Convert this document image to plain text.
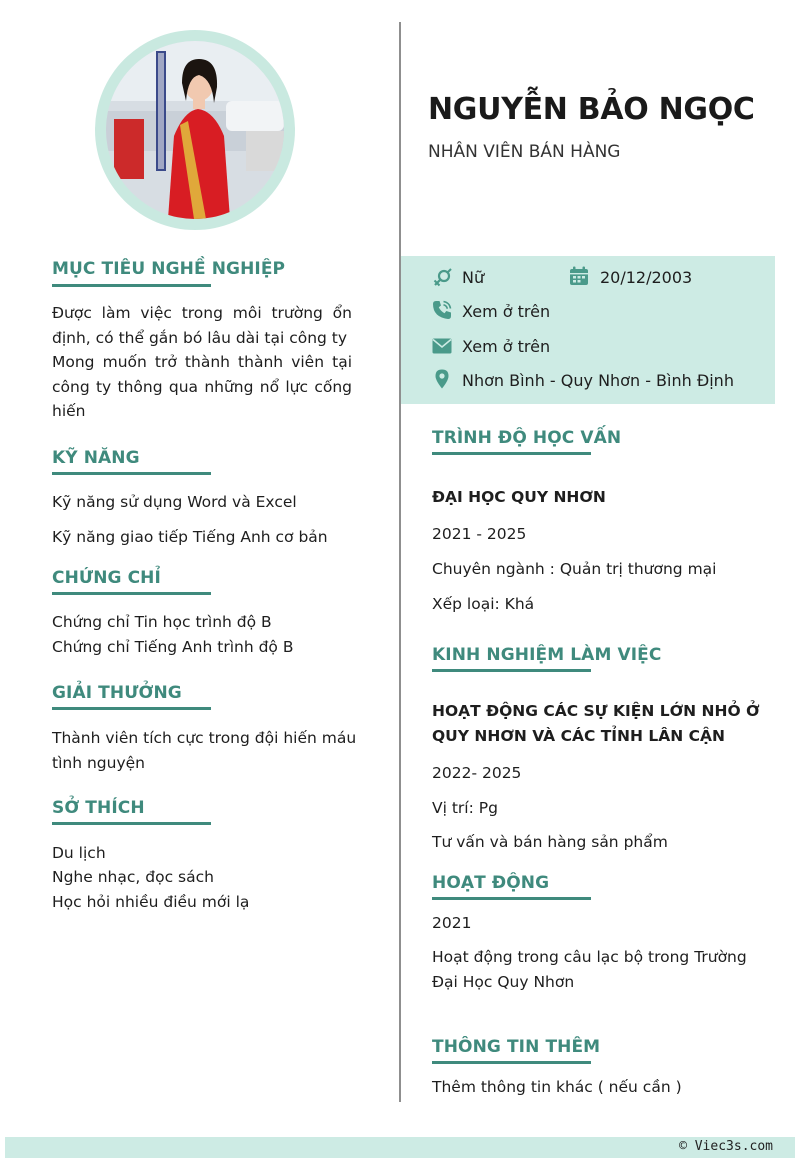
NGUYỄN BẢO NGỌC
NHÂN VIÊN BÁN HÀNG
Nữ	20/12/2003
Xem ở trên
Xem ở trên
Nhơn Bình - Quy Nhơn - Bình Định
MỤC TIÊU NGHỀ NGHIỆP
Được làm việc trong môi trường ổn định, có thể gắn bó lâu dài tại công ty
Mong muốn trở thành thành viên tại công ty thông qua những nổ lực cống hiến
KỸ NĂNG
Kỹ năng sử dụng Word và Excel
Kỹ năng giao tiếp Tiếng Anh cơ bản
CHỨNG CHỈ
Chứng chỉ Tin học trình độ B
Chứng chỉ Tiếng Anh trình độ B
GIẢI THƯỞNG
Thành viên tích cực trong đội hiến máu tình nguyện
SỞ THÍCH
Du lịch
Nghe nhạc, đọc sách
Học hỏi nhiều điều mới lạ
TRÌNH ĐỘ HỌC VẤN
ĐẠI HỌC QUY NHƠN
2021 - 2025
Chuyên ngành : Quản trị thương mại
Xếp loại: Khá
KINH NGHIỆM LÀM VIỆC
HOẠT ĐỘNG CÁC SỰ KIỆN LỚN NHỎ Ở
QUY NHƠN VÀ CÁC TỈNH LÂN CẬN
2022- 2025
Vị trí: Pg
Tư vấn và bán hàng sản phẩm
HOẠT ĐỘNG
2021
Hoạt động trong câu lạc bộ trong Trường Đại Học Quy Nhơn
THÔNG TIN THÊM
Thêm thông tin khác ( nếu cần )
© Viec3s.com
